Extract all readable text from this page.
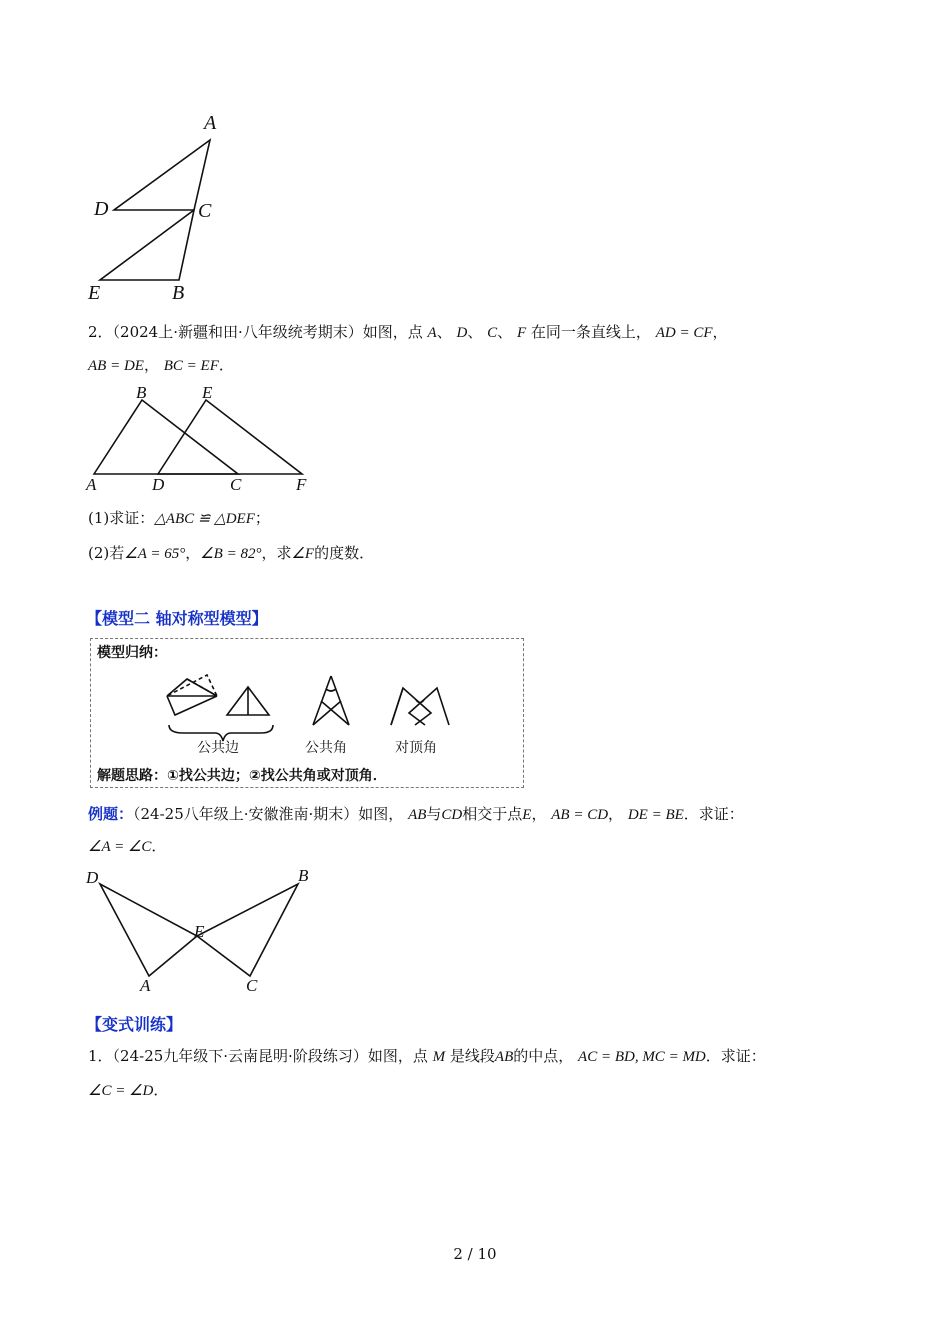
A
D	C
E	B
2．（2024上·新疆和田·八年级统考期末）如图，点 A、 D、 C、 F 在同一条直线上， AD = CF，
AB = DE， BC = EF．
B	E
A	D	C	F
(1)求证：△ABC ≌ △DEF；
(2)若∠A = 65°，∠B = 82°，求∠F的度数．
【模型二 轴对称型模型】
模型归纳：
公共边	公共角	对顶角
解题思路：①找公共边；②找公共角或对顶角．
例题：（24-25八年级上·安徽淮南·期末）如图， AB与CD相交于点E， AB = CD， DE = BE．求证：
∠A = ∠C．
D	B
E
A	C
【变式训练】
1．（24-25九年级下·云南昆明·阶段练习）如图，点 M 是线段AB的中点， AC = BD, MC = MD．求证：
∠C = ∠D．
2 / 10
